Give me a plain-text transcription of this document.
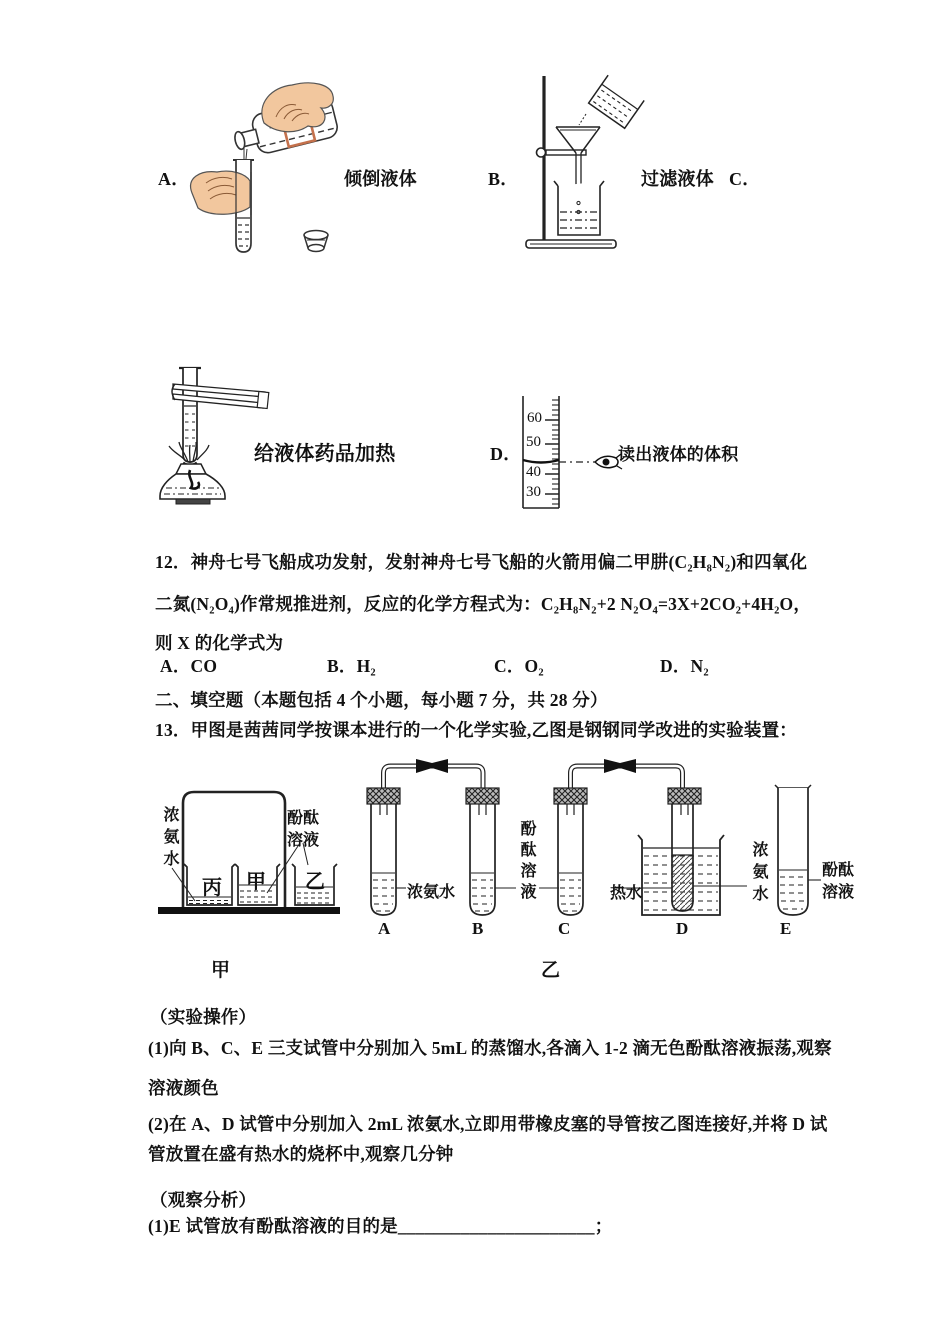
A．	倾倒液体	B．	过滤液体 C．
给液体药品加热	D．	读出液体的体积
60
50
40
30
12．神舟七号飞船成功发射，发射神舟七号飞船的火箭用偏二甲肼(C₂H₈N₂)和四氧化
二氮(N₂O₄)作常规推进剂，反应的化学方程式为：C₂H₈N₂+2 N₂O₄=3X+2CO₂+4H₂O，
则 X 的化学式为
A．CO	B．H₂	C．O₂	D．N₂
二、填空题（本题包括 4 个小题，每小题 7 分，共 28 分）
13．甲图是茜茜同学按课本进行的一个化学实验,乙图是钢钢同学改进的实验装置：
浓氨水	酚酞
溶液
丙 甲 乙
甲
浓氨水	酚酞溶液	热水	浓氨水	酚酞
溶液
A	B	C	D	E
乙
（实验操作）
(1)向 B、C、E 三支试管中分别加入 5mL 的蒸馏水,各滴入 1-2 滴无色酚酞溶液振荡,观察
溶液颜色
(2)在 A、D 试管中分别加入 2mL 浓氨水,立即用带橡皮塞的导管按乙图连接好,并将 D 试
管放置在盛有热水的烧杯中,观察几分钟
（观察分析）
(1)E 试管放有酚酞溶液的目的是______________________；
